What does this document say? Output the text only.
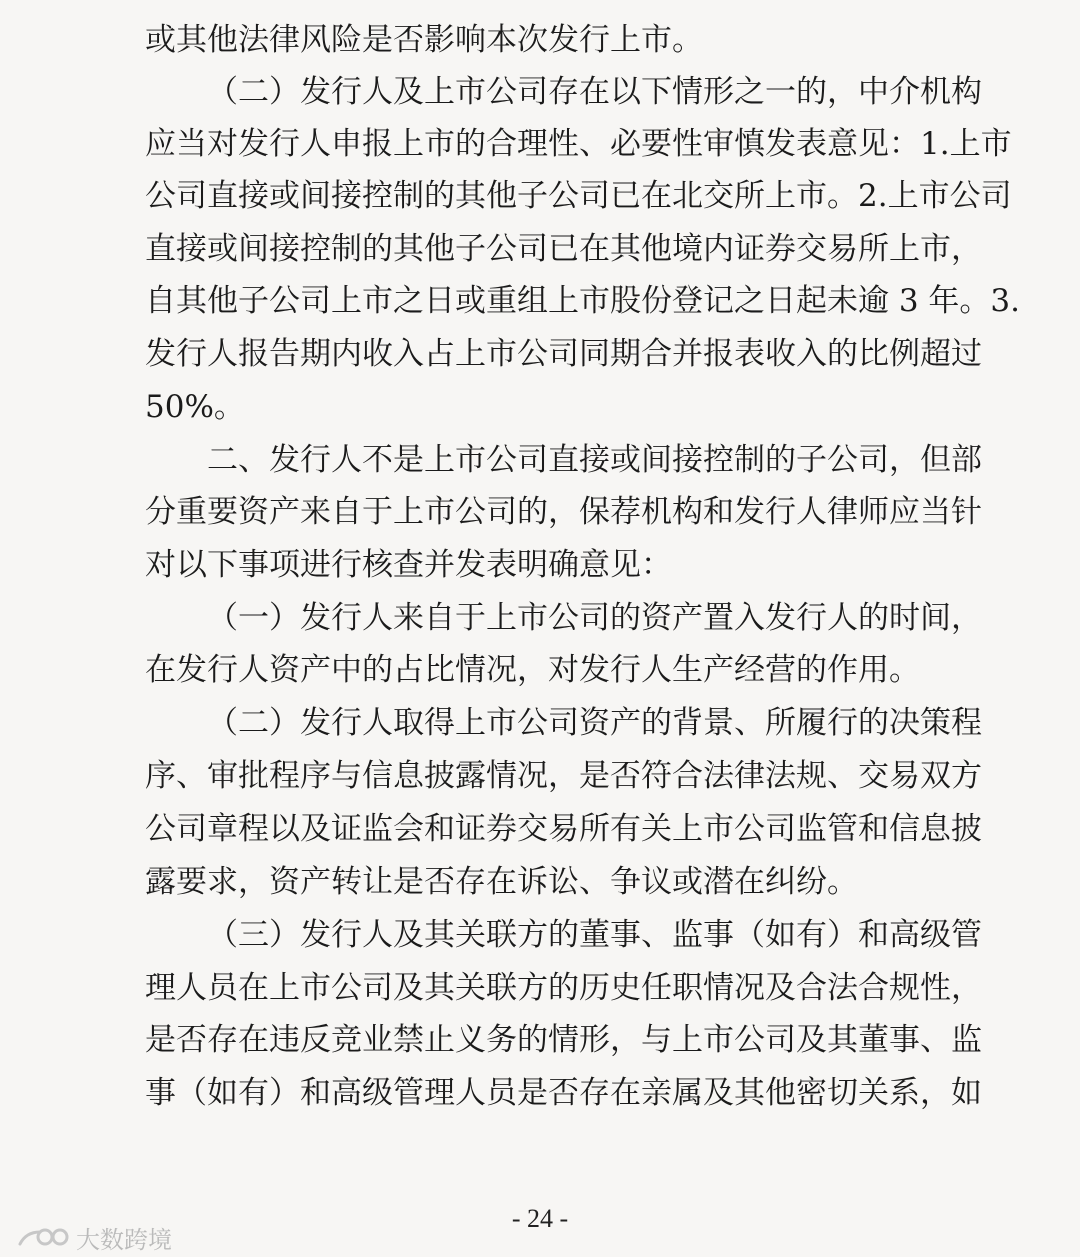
或其他法律风险是否影响本次发行上市。
（二）发行人及上市公司存在以下情形之一的，中介机构
应当对发行人申报上市的合理性、必要性审慎发表意见：1.上市
公司直接或间接控制的其他子公司已在北交所上市。2.上市公司
直接或间接控制的其他子公司已在其他境内证券交易所上市，
自其他子公司上市之日或重组上市股份登记之日起未逾 3 年。3.
发行人报告期内收入占上市公司同期合并报表收入的比例超过
50%。
二、发行人不是上市公司直接或间接控制的子公司，但部
分重要资产来自于上市公司的，保荐机构和发行人律师应当针
对以下事项进行核查并发表明确意见：
（一）发行人来自于上市公司的资产置入发行人的时间，
在发行人资产中的占比情况，对发行人生产经营的作用。
（二）发行人取得上市公司资产的背景、所履行的决策程
序、审批程序与信息披露情况，是否符合法律法规、交易双方
公司章程以及证监会和证券交易所有关上市公司监管和信息披
露要求，资产转让是否存在诉讼、争议或潜在纠纷。
（三）发行人及其关联方的董事、监事（如有）和高级管
理人员在上市公司及其关联方的历史任职情况及合法合规性，
是否存在违反竞业禁止义务的情形，与上市公司及其董事、监
事（如有）和高级管理人员是否存在亲属及其他密切关系，如
- 24 -
大数跨境
